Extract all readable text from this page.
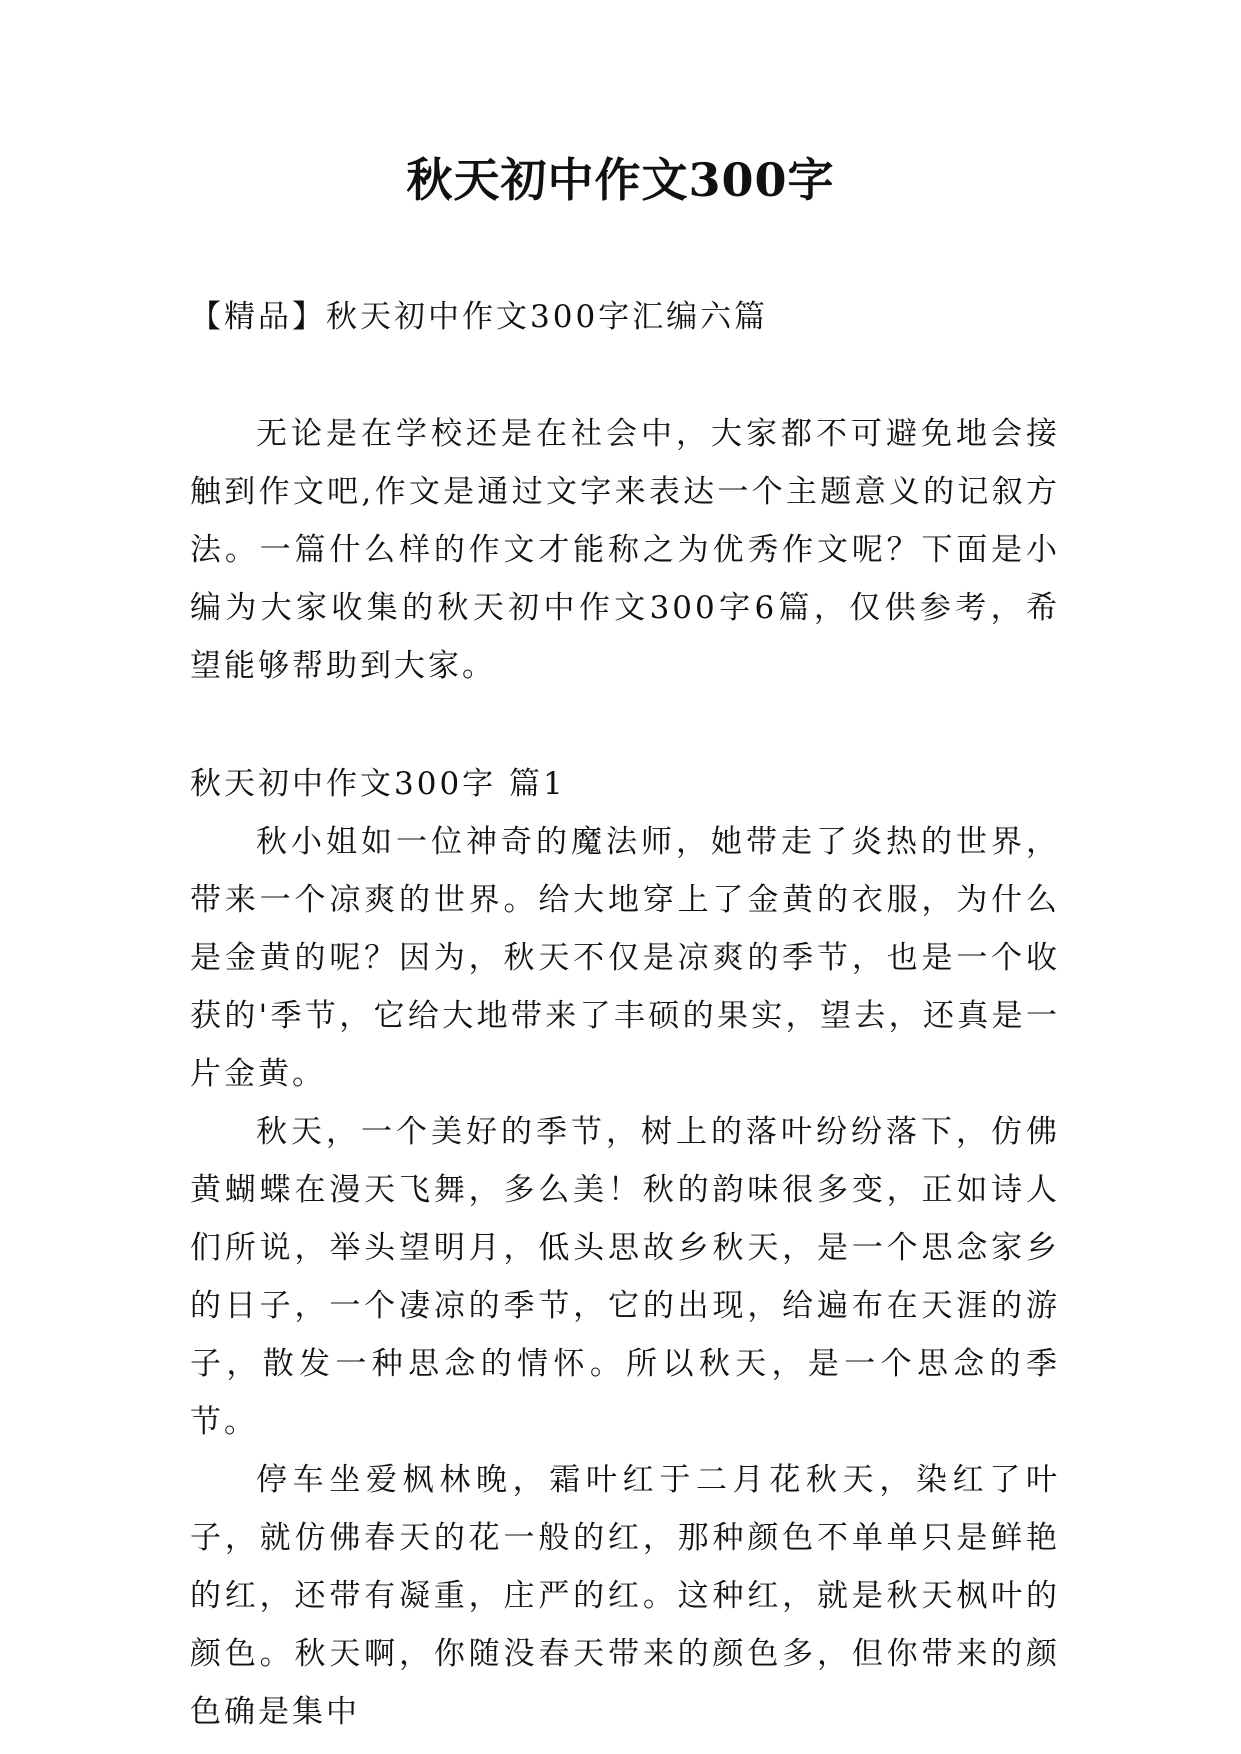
秋天初中作文300字
【精品】秋天初中作文300字汇编六篇

无论是在学校还是在社会中，大家都不可避免地会接触到作文吧,作文是通过文字来表达一个主题意义的记叙方法。一篇什么样的作文才能称之为优秀作文呢？下面是小编为大家收集的秋天初中作文300字6篇，仅供参考，希望能够帮助到大家。

秋天初中作文300字 篇1

秋小姐如一位神奇的魔法师，她带走了炎热的世界，带来一个凉爽的世界。给大地穿上了金黄的衣服，为什么是金黄的呢？因为，秋天不仅是凉爽的季节，也是一个收获的'季节，它给大地带来了丰硕的果实，望去，还真是一片金黄。

秋天，一个美好的季节，树上的落叶纷纷落下，仿佛黄蝴蝶在漫天飞舞，多么美！秋的韵味很多变，正如诗人们所说，举头望明月，低头思故乡秋天，是一个思念家乡的日子，一个凄凉的季节，它的出现，给遍布在天涯的游子，散发一种思念的情怀。所以秋天，是一个思念的季节。

停车坐爱枫林晚，霜叶红于二月花秋天，染红了叶子，就仿佛春天的花一般的红，那种颜色不单单只是鲜艳的红，还带有凝重，庄严的红。这种红，就是秋天枫叶的颜色。秋天啊，你随没春天带来的颜色多，但你带来的颜色确是集中
